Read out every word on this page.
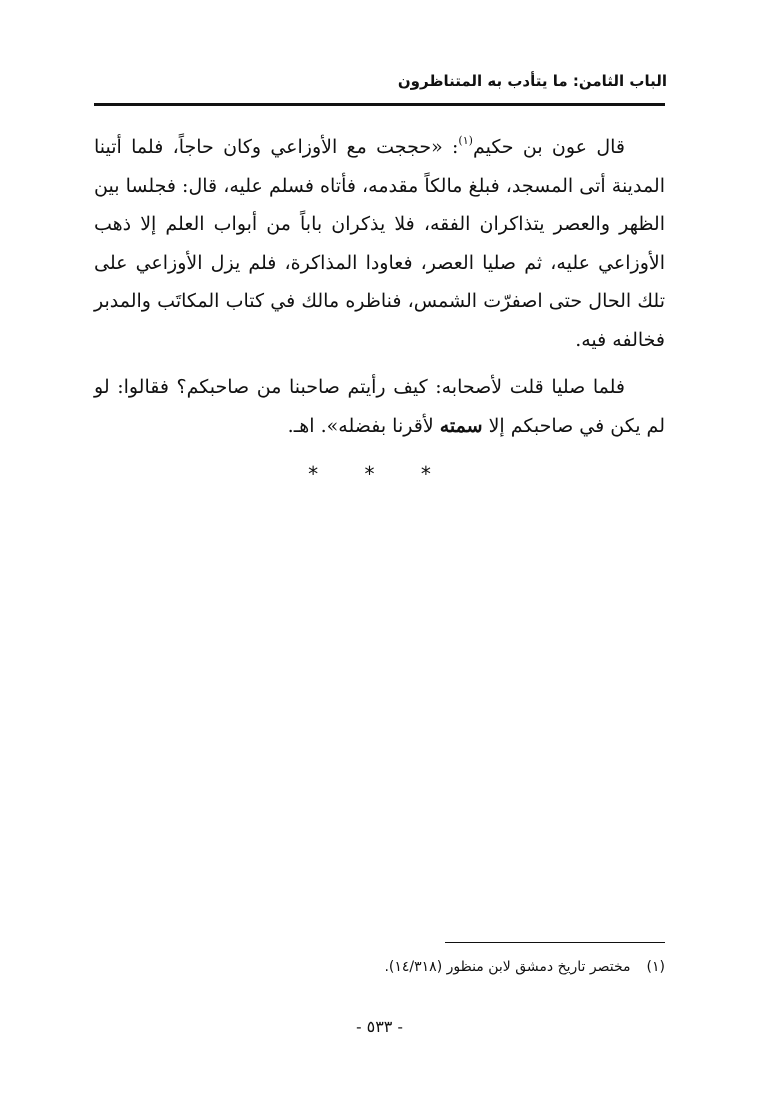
الباب الثامن: ما يتأدب به المتناظرون

قال عون بن حكيم$^{(١)}$: «حججت مع الأوزاعي وكان حاجاً، فلما أتينا المدينة أتى المسجد، فبلغ مالكاً مقدمه، فأتاه فسلم عليه، قال: فجلسا بين الظهر والعصر يتذاكران الفقه، فلا يذكران باباً من أبواب العلم إلا ذهب الأوزاعي عليه، ثم صليا العصر، فعاودا المذاكرة، فلم يزل الأوزاعي على تلك الحال حتى اصفرّت الشمس، فناظره مالك في كتاب المكاتَب والمدبر فخالفه فيه.

فلما صليا قلت لأصحابه: كيف رأيتم صاحبنا من صاحبكم؟ فقالوا: لو لم يكن في صاحبكم إلا سمته لأقرنا بفضله». اهـ.

* * *
(١)مختصر تاريخ دمشق لابن منظور (١٤/٣١٨).
- ٥٣٣ -
